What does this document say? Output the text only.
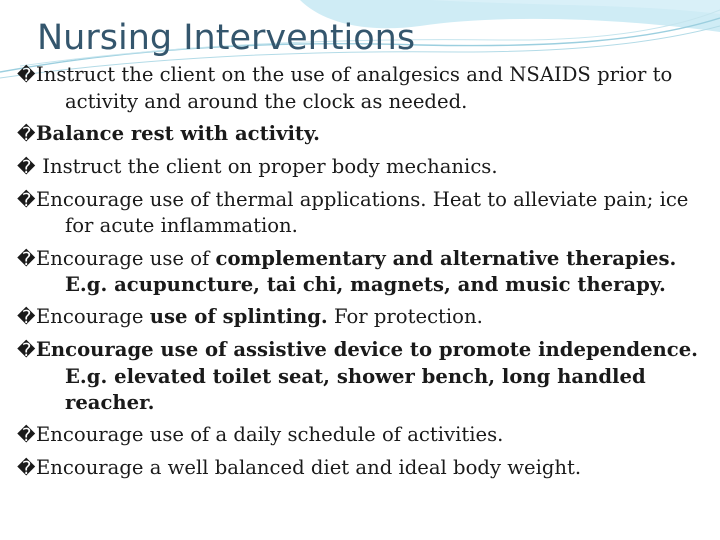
Nursing Interventions
�Instruct the client on the use of analgesics and NSAIDS prior to activity and around the clock as needed.
�Balance rest with activity.
� Instruct the client on proper body mechanics.
�Encourage use of thermal applications. Heat to alleviate pain; ice for acute inflammation.
�Encourage use of complementary and alternative therapies. E.g. acupuncture, tai chi, magnets, and music therapy.
�Encourage use of splinting. For protection.
�Encourage use of assistive device to promote independence. E.g. elevated toilet seat, shower bench, long handled reacher.
�Encourage use of a daily schedule of activities.
�Encourage a well balanced diet and ideal body weight.
